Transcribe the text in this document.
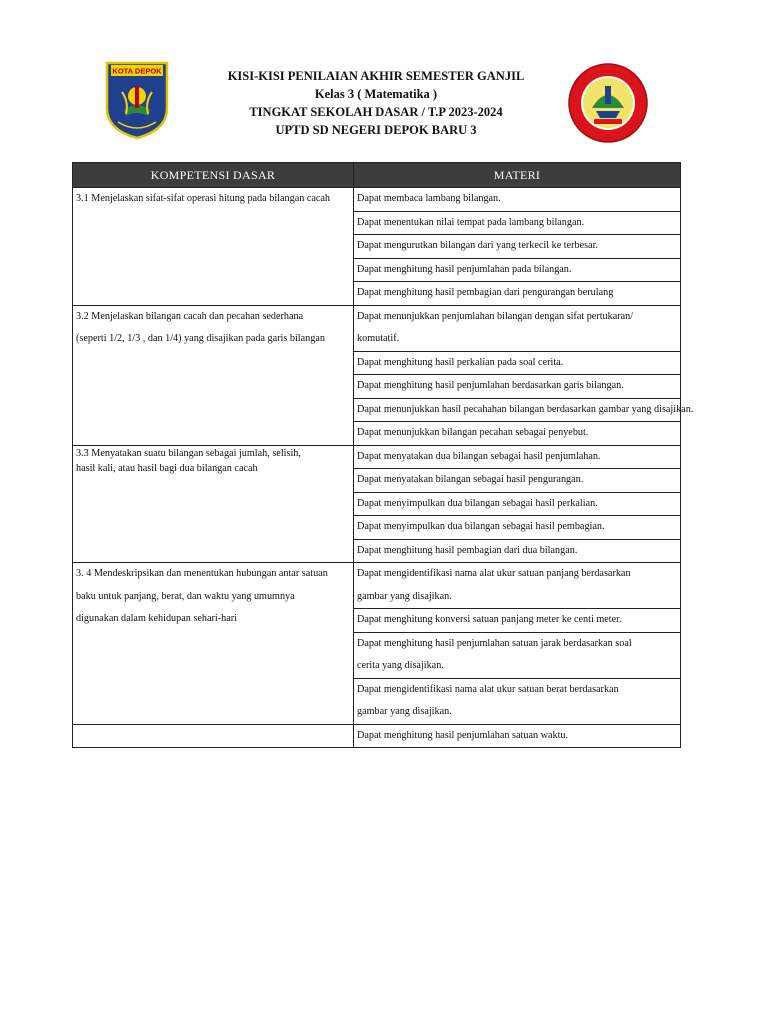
KOTA DEPOK	KISI-KISI PENILAIAN AKHIR SEMESTER GANJIL
Kelas 3 ( Matematika )
TINGKAT SEKOLAH DASAR / T.P 2023-2024
UPTD SD NEGERI DEPOK BARU 3
KOMPETENSI DASAR	MATERI

3.1 Menjelaskan sifat-sifat operasi hitung pada bilangan cacah	Dapat membaca lambang bilangan.

	Dapat menentukan nilai tempat pada lambang bilangan.

	Dapat mengurutkan bilangan dari yang terkecil ke terbesar.

	Dapat menghitung hasil penjumlahan pada bilangan.

	Dapat menghitung hasil pembagian dari pengurangan berulang

3.2 Menjelaskan bilangan cacah dan pecahan sederhana
(seperti 1/2, 1/3 , dan 1/4) yang disajikan pada garis bilangan	Dapat menunjukkan penjumlahan bilangan dengan sifat pertukaran/
komutatif.

	Dapat menghitung hasil perkalian pada soal cerita.

	Dapat menghitung hasil penjumlahan berdasarkan garis bilangan.

	Dapat menunjukkan hasil pecahahan bilangan berdasarkan gambar yang disajikan.

	Dapat menunjukkan bilangan pecahan sebagai penyebut.

3.3 Menyatakan suatu bilangan sebagai jumlah, selisih,
hasil kali, atau hasil bagi dua bilangan cacah	Dapat menyatakan dua bilangan sebagai hasil penjumlahan.

	Dapat menyatakan bilangan sebagai hasil pengurangan.

	Dapat menyimpulkan dua bilangan sebagai hasil perkalian.

	Dapat menyimpulkan dua bilangan sebagai hasil pembagian.

	Dapat menghitung hasil pembagian dari dua bilangan.

3. 4 Mendeskripsikan dan menentukan hubungan antar satuan
baku untuk panjang, berat, dan waktu yang umumnya
digunakan dalam kehidupan sehari-hari	Dapat mengidentifikasi nama alat ukur satuan panjang berdasarkan
gambar yang disajikan.

	Dapat menghitung konversi satuan panjang meter ke centi meter.

	Dapat menghitung hasil penjumlahan satuan jarak berdasarkan soal
cerita yang disajikan.

	Dapat mengidentifikasi nama alat ukur satuan berat berdasarkan
gambar yang disajikan.

	Dapat menghitung hasil penjumlahan satuan waktu.
